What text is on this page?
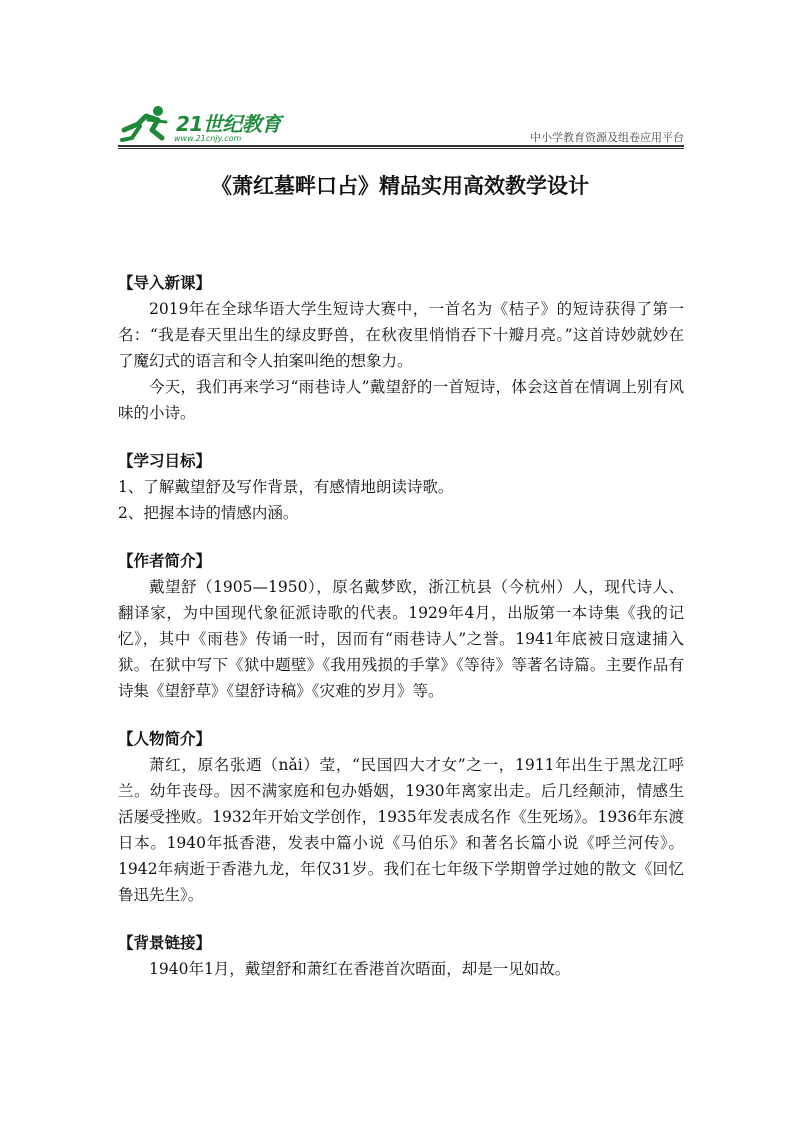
21世纪教育
www.21cnjy.com	中小学教育资源及组卷应用平台
《萧红墓畔口占》精品实用高效教学设计

【导入新课】

2019年在全球华语大学生短诗大赛中，一首名为《桔子》的短诗获得了第一名：“我是春天里出生的绿皮野兽，在秋夜里悄悄吞下十瓣月亮。”这首诗妙就妙在了魔幻式的语言和令人拍案叫绝的想象力。

今天，我们再来学习“雨巷诗人”戴望舒的一首短诗，体会这首在情调上别有风味的小诗。

【学习目标】

1、了解戴望舒及写作背景，有感情地朗读诗歌。

2、把握本诗的情感内涵。

【作者简介】

戴望舒（1905—1950），原名戴梦欧，浙江杭县（今杭州）人，现代诗人、翻译家，为中国现代象征派诗歌的代表。1929年4月，出版第一本诗集《我的记忆》，其中《雨巷》传诵一时，因而有“雨巷诗人”之誉。1941年底被日寇逮捕入狱。在狱中写下《狱中题壁》《我用残损的手掌》《等待》等著名诗篇。主要作品有诗集《望舒草》《望舒诗稿》《灾难的岁月》等。

【人物简介】

萧红，原名张迺（nǎi）莹，“民国四大才女”之一，1911年出生于黑龙江呼兰。幼年丧母。因不满家庭和包办婚姻，1930年离家出走。后几经颠沛，情感生活屡受挫败。1932年开始文学创作，1935年发表成名作《生死场》。1936年东渡日本。1940年抵香港，发表中篇小说《马伯乐》和著名长篇小说《呼兰河传》。1942年病逝于香港九龙，年仅31岁。我们在七年级下学期曾学过她的散文《回忆鲁迅先生》。

【背景链接】

1940年1月，戴望舒和萧红在香港首次晤面，却是一见如故。
